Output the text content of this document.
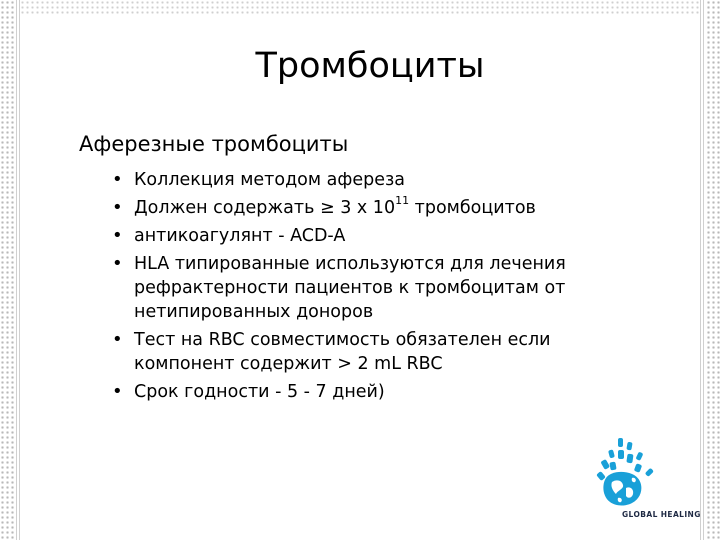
Тромбоциты
Аферезные тромбоциты
• Коллекция методом афереза
• Должен содержать ≥ 3 x $10^{11}$ тромбоцитов
• антикоагулянт - ACD-A
• HLA типированные используются для лечения рефрактерности пациентов к тромбоцитам от нетипированных доноров
• Тест на RBC совместимость обязателен если компонент содержит > 2 mL RBC
• Срок годности - 5 - 7 дней)
GLOBAL HEALING
